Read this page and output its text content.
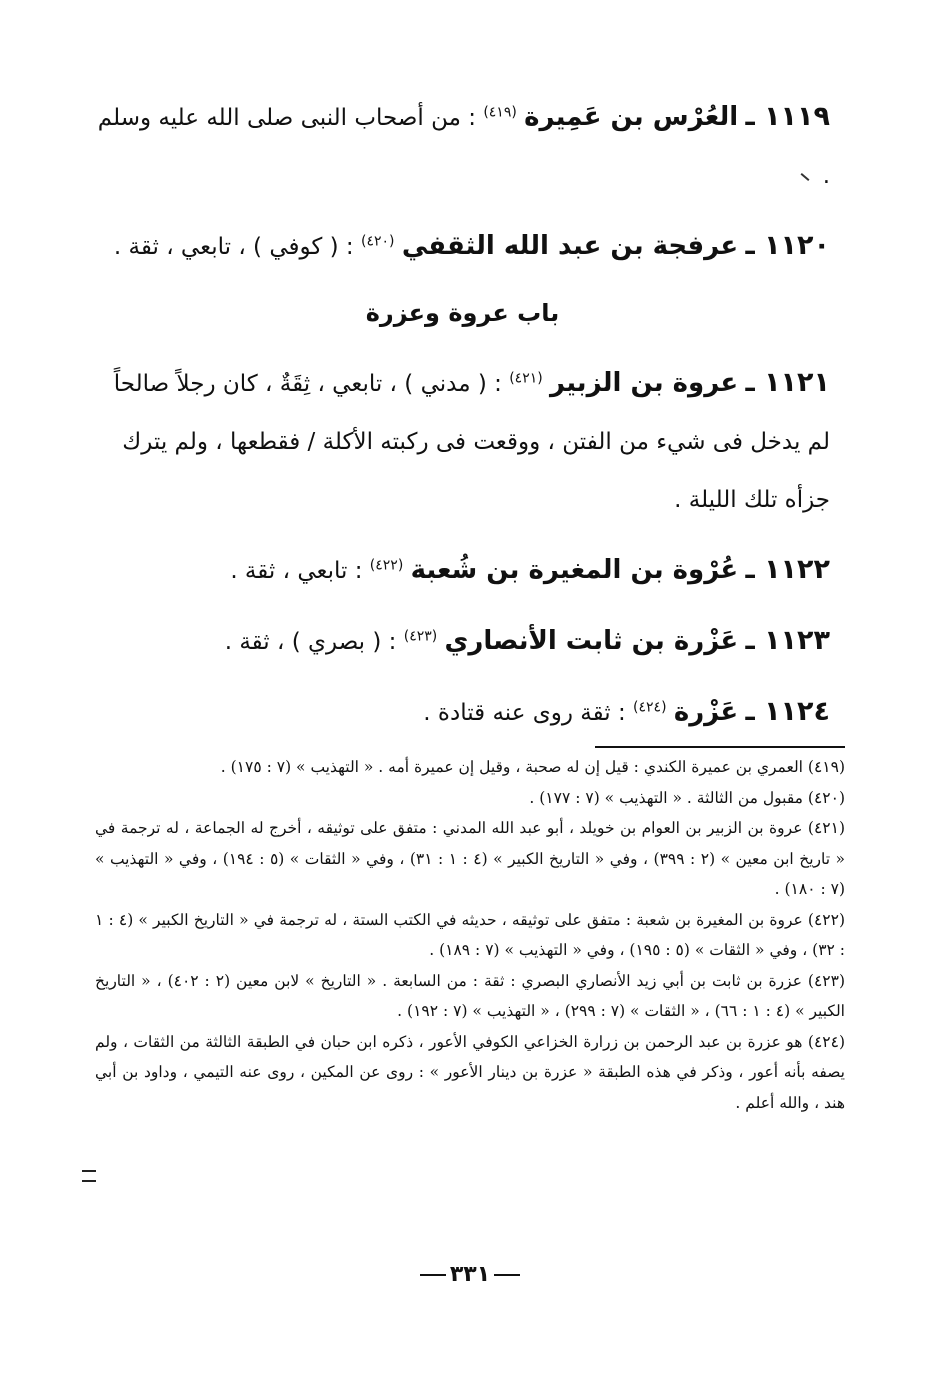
١١١٩ ـ العُرْس بن عَمِيرة $^{(٤١٩)}$ : من أصحاب النبى صلى الله عليه وسلم .

١١٢٠ ـ عرفجة بن عبد الله الثقفي $^{(٤٢٠)}$ : ( كوفي ) ، تابعي ، ثقة .

باب عروة وعزرة

١١٢١ ـ عروة بن الزبير $^{(٤٢١)}$ : ( مدني ) ، تابعي ، ثِقَةٌ ، كان رجلاً صالحاً لم يدخل فى شيء من الفتن ، ووقعت فى ركبته الأكلة / فقطعها ، ولم يترك جزأه تلك الليلة .

١١٢٢ ـ عُرْوة بن المغيرة بن شُعبة $^{(٤٢٢)}$ : تابعي ، ثقة .

١١٢٣ ـ عَزْرة بن ثابت الأنصاري $^{(٤٢٣)}$ : ( بصري ) ، ثقة .

١١٢٤ ـ عَزْرة $^{(٤٢٤)}$ : ثقة روى عنه قتادة .

(٤١٩) العمري بن عميرة الكندي : قيل إن له صحبة ، وقيل إن عميرة أمه . « التهذيب » (٧ : ١٧٥) .

(٤٢٠) مقبول من الثالثة . « التهذيب » (٧ : ١٧٧) .

(٤٢١) عروة بن الزبير بن العوام بن خويلد ، أبو عبد الله المدني : متفق على توثيقه ، أخرج له الجماعة ، له ترجمة في « تاريخ ابن معين » (٢ : ٣٩٩) ، وفي « التاريخ الكبير » (٤ : ١ : ٣١) ، وفي « الثقات » (٥ : ١٩٤) ، وفي « التهذيب » (٧ : ١٨٠) .

(٤٢٢) عروة بن المغيرة بن شعبة : متفق على توثيقه ، حديثه في الكتب الستة ، له ترجمة في « التاريخ الكبير » (٤ : ١ : ٣٢) ، وفي « الثقات » (٥ : ١٩٥) ، وفي « التهذيب » (٧ : ١٨٩) .

(٤٢٣) عزرة بن ثابت بن أبي زيد الأنصاري البصري : ثقة : من السابعة . « التاريخ » لابن معين (٢ : ٤٠٢) ، « التاريخ الكبير » (٤ : ١ : ٦٦) ، « الثقات » (٧ : ٢٩٩) ، « التهذيب » (٧ : ١٩٢) .

(٤٢٤) هو عزرة بن عبد الرحمن بن زرارة الخزاعي الكوفي الأعور ، ذكره ابن حبان في الطبقة الثالثة من الثقات ، ولم يصفه بأنه أعور ، وذكر في هذه الطبقة « عزرة بن دينار الأعور » : روى عن المكين ، روى عنه التيمي ، وداود بن أبي هند ، والله أعلم .

٣٣١
